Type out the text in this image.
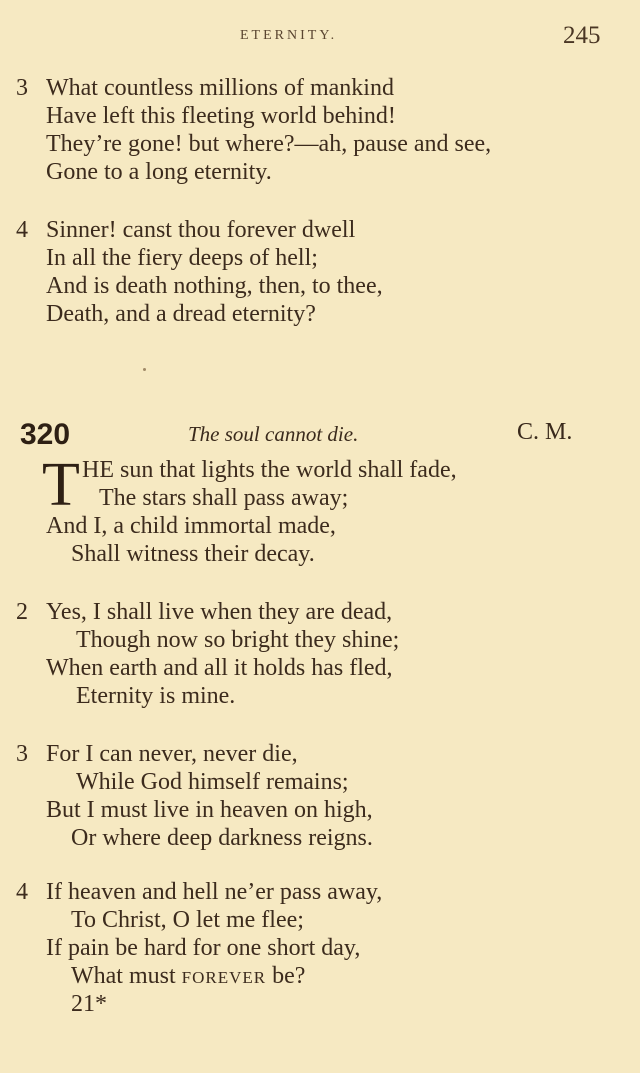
ETERNITY.	245
3 What countless millions of mankind
Have left this fleeting world behind!
They’re gone! but where?—ah, pause and see,
Gone to a long eternity.
4 Sinner! canst thou forever dwell
In all the fiery deeps of hell;
And is death nothing, then, to thee,
Death, and a dread eternity?
320	The soul cannot die.	C. M.
T HE sun that lights the world shall fade,
The stars shall pass away;
And I, a child immortal made,
Shall witness their decay.
2 Yes, I shall live when they are dead,
Though now so bright they shine;
When earth and all it holds has fled,
Eternity is mine.
3 For I can never, never die,
While God himself remains;
But I must live in heaven on high,
Or where deep darkness reigns.
4 If heaven and hell ne’er pass away,
To Christ, O let me flee;
If pain be hard for one short day,
What must forever be?
21*
